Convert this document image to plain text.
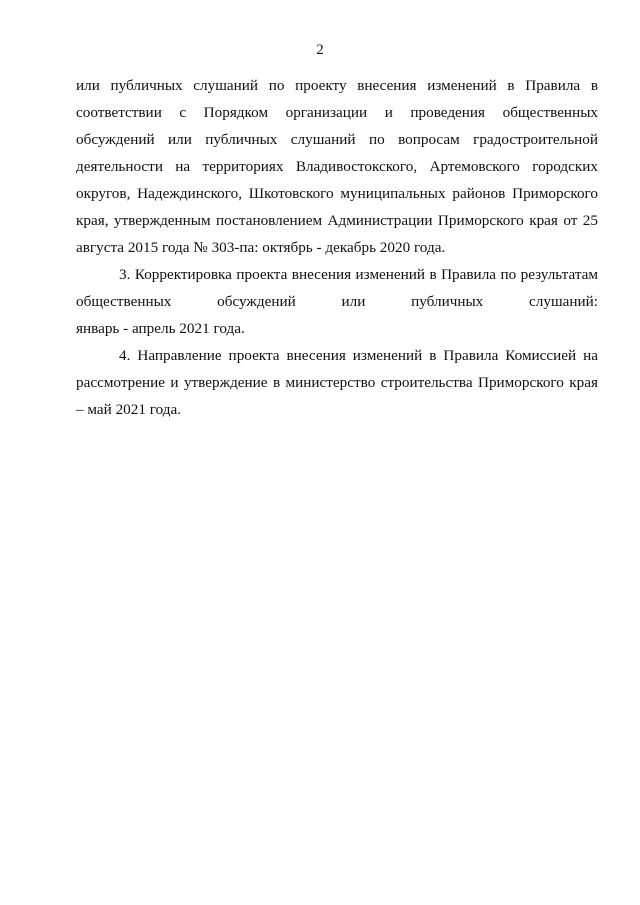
2
или публичных слушаний по проекту внесения изменений в Правила в
соответствии с Порядком организации и проведения общественных
обсуждений или публичных слушаний по вопросам градостроительной
деятельности на территориях Владивостокского, Артемовского городских
округов, Надеждинского, Шкотовского муниципальных районов Приморского
края, утвержденным постановлением Администрации Приморского края от 25
августа 2015 года № 303-па: октябрь - декабрь 2020 года.
3. Корректировка проекта внесения изменений в Правила по результатам
общественных обсуждений или публичных слушаний:
январь - апрель 2021 года.
4. Направление проекта внесения изменений в Правила Комиссией на
рассмотрение и утверждение в министерство строительства Приморского края
– май 2021 года.
